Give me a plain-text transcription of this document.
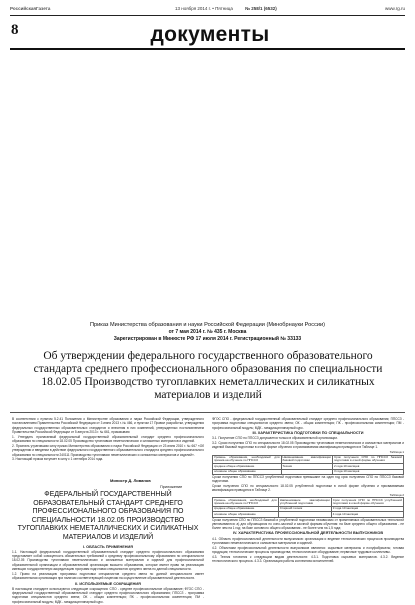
РоссийскаяГазета	13 ноября 2014 г. • Пятница	№ 258/1 (6532)	www.rg.ru
8	документы
Приказ Министерства образования и науки Российской Федерации (Минобрнауки России)
от 7 мая 2014 г. № 435 г. Москва
Зарегистрирован в Минюсте РФ 17 июля 2014 г. Регистрационный № 33133
Об утверждении федерального государственного образовательного стандарта среднего профессионального образования по специальности 18.02.05 Производство тугоплавких неметаллических и силикатных материалов и изделий

В соответствии с пунктом 5.2.41 Положения о Министерстве образования и науки Российской Федерации, утвержденного постановлением Правительства Российской Федерации от 3 июня 2013 г. № 466, и пунктом 17 Правил разработки, утверждения федеральных государственных образовательных стандартов и внесения в них изменений, утвержденных постановлением Правительства Российской Федерации от 5 августа 2013 г. № 661, приказываю:

1. Утвердить прилагаемый федеральный государственный образовательный стандарт среднего профессионального образования по специальности 18.02.05 Производство тугоплавких неметаллических и силикатных материалов и изделий.

2. Признать утратившим силу приказ Министерства образования и науки Российской Федерации от 23 июня 2010 г. № 667 «Об утверждении и введении в действие федерального государственного образовательного стандарта среднего профессионального образования по специальности 240111 Производство тугоплавких неметаллических и силикатных материалов и изделий».

3. Настоящий приказ вступает в силу с 1 сентября 2014 года.

Министр Д. Ливанов
Приложение
ФЕДЕРАЛЬНЫЙ ГОСУДАРСТВЕННЫЙ ОБРАЗОВАТЕЛЬНЫЙ СТАНДАРТ СРЕДНЕГО ПРОФЕССИОНАЛЬНОГО ОБРАЗОВАНИЯ ПО СПЕЦИАЛЬНОСТИ 18.02.05 ПРОИЗВОДСТВО ТУГОПЛАВКИХ НЕМЕТАЛЛИЧЕСКИХ И СИЛИКАТНЫХ МАТЕРИАЛОВ И ИЗДЕЛИЙ
I. ОБЛАСТЬ ПРИМЕНЕНИЯ

1.1. Настоящий федеральный государственный образовательный стандарт среднего профессионального образования представляет собой совокупность обязательных требований к среднему профессиональному образованию по специальности 18.02.05 Производство тугоплавких неметаллических и силикатных материалов и изделий для профессиональной образовательной организации и образовательной организации высшего образования, которые имеют право на реализацию имеющих государственную аккредитацию программ подготовки специалистов среднего звена по данной специальности.

1.2. Право на реализацию программы подготовки специалистов среднего звена по данной специальности имеет образовательная организация при наличии соответствующей лицензии на осуществление образовательной деятельности.

II. ИСПОЛЬЗУЕМЫЕ СОКРАЩЕНИЯ

В настоящем стандарте используются следующие сокращения: СПО - среднее профессиональное образование; ФГОС СПО - федеральный государственный образовательный стандарт среднего профессионального образования; ППССЗ - программа подготовки специалистов среднего звена; ОК - общая компетенция; ПК - профессиональная компетенция; ПМ - профессиональный модуль; МДК - междисциплинарный курс.

ФГОС СПО - федеральный государственный образовательный стандарт среднего профессионального образования; ППССЗ - программа подготовки специалистов среднего звена; ОК - общая компетенция; ПК - профессиональная компетенция; ПМ - профессиональный модуль; МДК - междисциплинарный курс.

III. ХАРАКТЕРИСТИКА ПОДГОТОВКИ ПО СПЕЦИАЛЬНОСТИ

3.1. Получение СПО по ППССЗ допускается только в образовательной организации.

3.2. Сроки получения СПО по специальности 18.02.05 Производство тугоплавких неметаллических и силикатных материалов и изделий базовой подготовки в очной форме обучения и присваиваемая квалификация приводятся в Таблице 1.

Таблица 1
Уровень образования, необходимый для приема на обучение по ППССЗ	Наименование квалификации базовой подготовки	Срок получения СПО по ППССЗ базовой подготовки в очной форме обучения
среднее общее образование	Техник	2 года 10 месяцев
основное общее образование		3 года 10 месяцев

Сроки получения СПО по ППССЗ углубленной подготовки превышают на один год срок получения СПО по ППССЗ базовой подготовки.

Сроки получения СПО по специальности 18.02.05 углубленной подготовки в очной форме обучения и присваиваемая квалификация приводятся в Таблице 2.

Таблица 2
Уровень образования, необходимый для приема на обучение по ППССЗ	Наименование квалификации углубленной подготовки	Срок получения СПО по ППССЗ углубленной подготовки в очной форме обучения
среднее общее образование	Старший техник	3 года 10 месяцев
основное общее образование		4 года 10 месяцев

Сроки получения СПО по ППССЗ базовой и углубленной подготовки независимо от применяемых образовательных технологий увеличиваются: а) для обучающихся по очно-заочной и заочной формам обучения: на базе среднего общего образования - не более чем на 1 год; на базе основного общего образования - не более чем на 1,5 года;

IV. ХАРАКТЕРИСТИКА ПРОФЕССИОНАЛЬНОЙ ДЕЯТЕЛЬНОСТИ ВЫПУСКНИКОВ

4.1. Область профессиональной деятельности выпускников: организация и ведение технологических процессов производства тугоплавких неметаллических и силикатных материалов и изделий.

4.2. Объектами профессиональной деятельности выпускников являются: сырьевые материалы и полуфабрикаты; готовая продукция; технологические процессы производства; технологическое оборудование; первичные трудовые коллективы.

4.3. Техник готовится к следующим видам деятельности: 4.3.1. Подготовка сырьевых материалов. 4.3.2. Ведение технологического процесса. 4.3.3. Организация работы коллектива исполнителей.
